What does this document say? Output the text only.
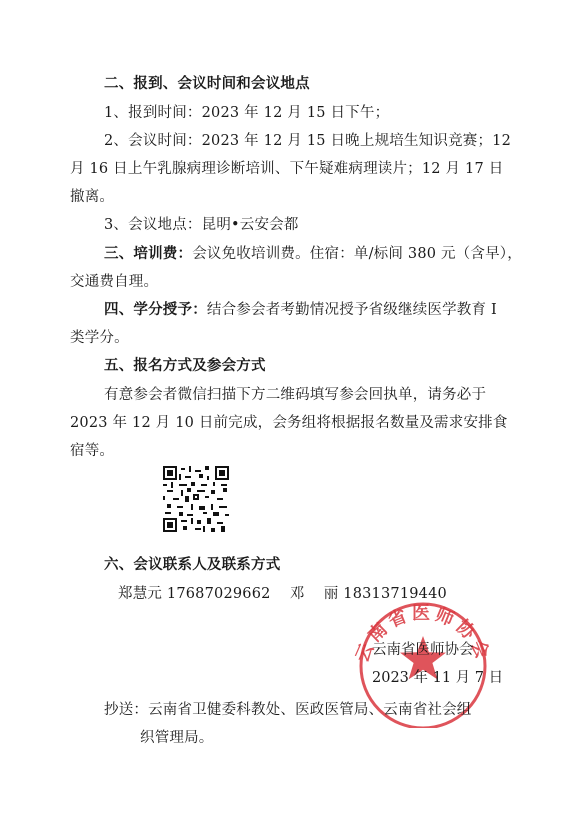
二、报到、会议时间和会议地点
1、报到时间：2023 年 12 月 15 日下午；
2、会议时间：2023 年 12 月 15 日晚上规培生知识竞赛；12
月 16 日上午乳腺病理诊断培训、下午疑难病理读片；12 月 17 日
撤离。
3、会议地点：昆明•云安会都
三、培训费：会议免收培训费。住宿：单/标间 380 元（含早），
交通费自理。
四、学分授予：结合参会者考勤情况授予省级继续医学教育 I
类学分。
五、报名方式及参会方式
有意参会者微信扫描下方二维码填写参会回执单，请务必于
2023 年 12 月 10 日前完成，会务组将根据报名数量及需求安排食
宿等。
六、会议联系人及联系方式
郑慧元 17687029662    邓    丽 18313719440
云南省医师协会
云南省医师协会
2023 年 11 月 7 日
抄送：云南省卫健委科教处、医政医管局、云南省社会组
织管理局。
